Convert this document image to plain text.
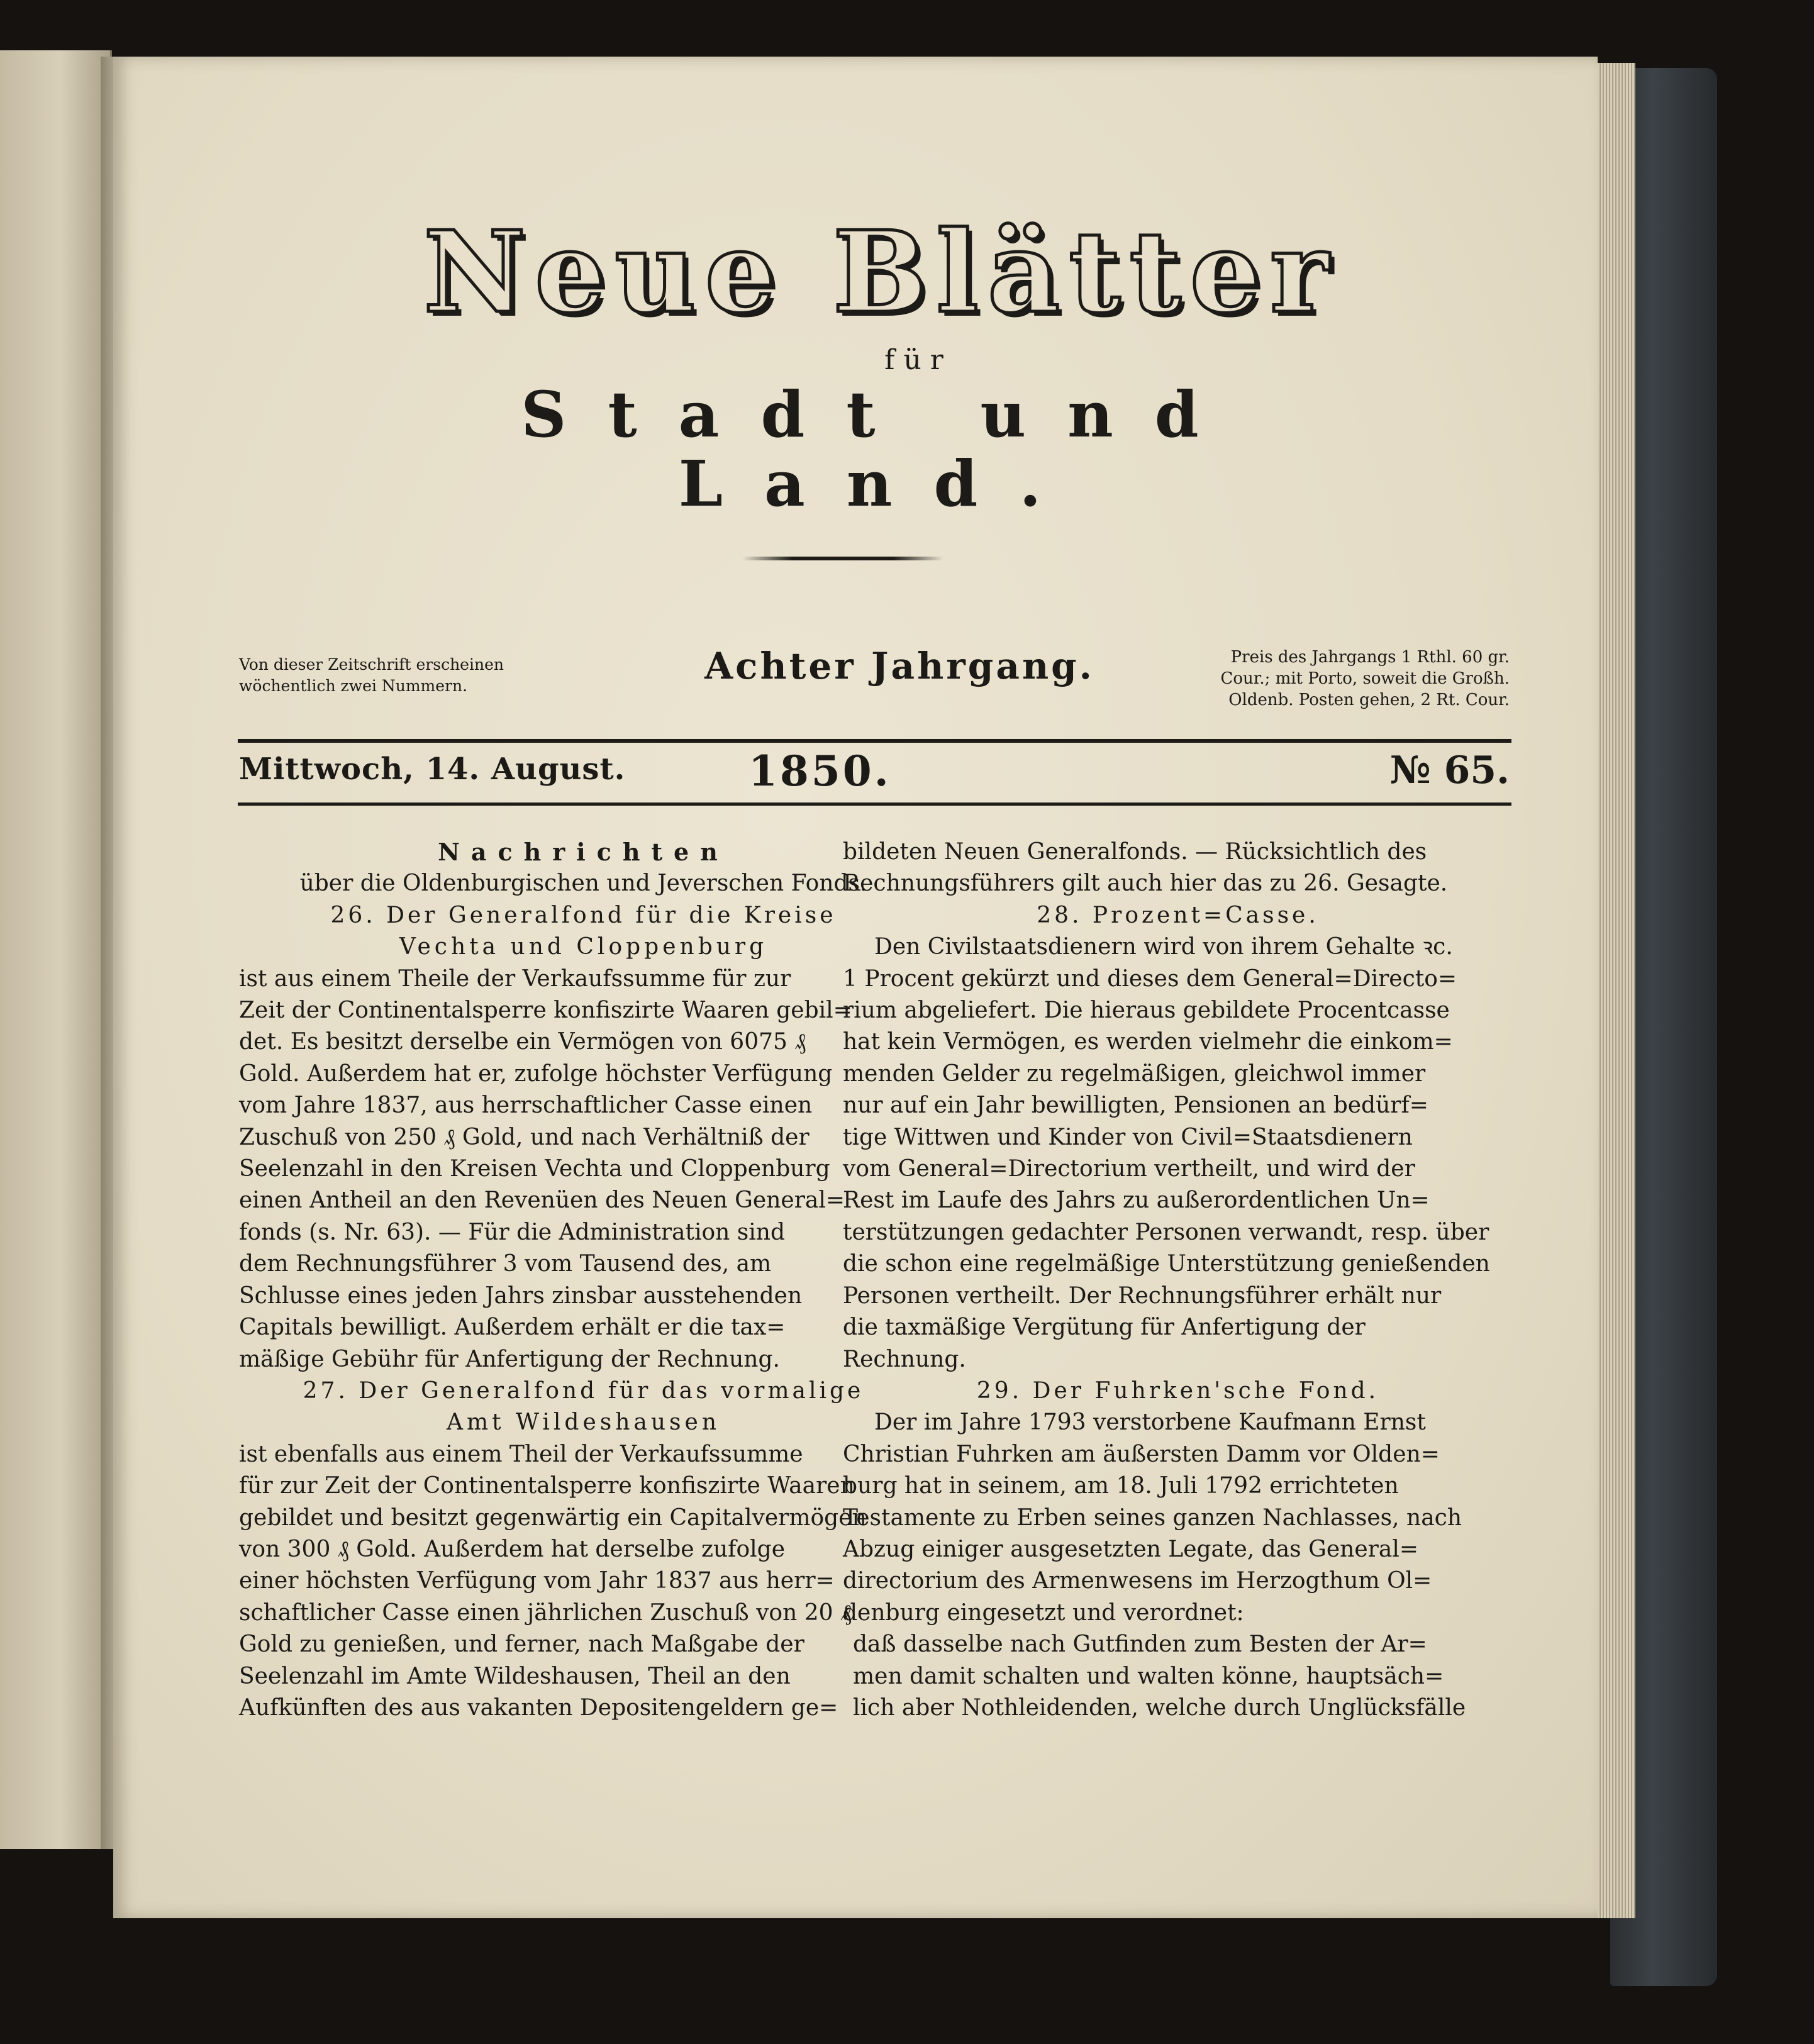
Neue Blätter
für
Stadt und Land.
Von dieser Zeitschrift erscheinen
wöchentlich zwei Nummern.	Achter Jahrgang.	Preis des Jahrgangs 1 Rthl. 60 gr.
Cour.; mit Porto, soweit die Großh.
Oldenb. Posten gehen, 2 Rt. Cour.
Mittwoch, 14. August.	1850.	№ 65.

Nachrichten

über die Oldenburgischen und Jeverschen Fonds.

26. Der Generalfond für die Kreise

Vechta und Cloppenburg

ist aus einem Theile der Verkaufssumme für zur

Zeit der Continentalsperre konfiszirte Waaren gebil=

det. Es besitzt derselbe ein Vermögen von 6075 ₰

Gold. Außerdem hat er, zufolge höchster Verfügung

vom Jahre 1837, aus herrschaftlicher Casse einen

Zuschuß von 250 ₰ Gold, und nach Verhältniß der

Seelenzahl in den Kreisen Vechta und Cloppenburg

einen Antheil an den Revenüen des Neuen General=

fonds (s. Nr. 63). — Für die Administration sind

dem Rechnungsführer 3 vom Tausend des, am

Schlusse eines jeden Jahrs zinsbar ausstehenden

Capitals bewilligt. Außerdem erhält er die tax=

mäßige Gebühr für Anfertigung der Rechnung.

27. Der Generalfond für das vormalige

Amt Wildeshausen

ist ebenfalls aus einem Theil der Verkaufssumme

für zur Zeit der Continentalsperre konfiszirte Waaren

gebildet und besitzt gegenwärtig ein Capitalvermögen

von 300 ₰ Gold. Außerdem hat derselbe zufolge

einer höchsten Verfügung vom Jahr 1837 aus herr=

schaftlicher Casse einen jährlichen Zuschuß von 20 ₰

Gold zu genießen, und ferner, nach Maßgabe der

Seelenzahl im Amte Wildeshausen, Theil an den

Aufkünften des aus vakanten Depositengeldern ge=

bildeten Neuen Generalfonds. — Rücksichtlich des

Rechnungsführers gilt auch hier das zu 26. Gesagte.

28. Prozent=Casse.

Den Civilstaatsdienern wird von ihrem Gehalte ꝛc.

1 Procent gekürzt und dieses dem General=Directo=

rium abgeliefert. Die hieraus gebildete Procentcasse

hat kein Vermögen, es werden vielmehr die einkom=

menden Gelder zu regelmäßigen, gleichwol immer

nur auf ein Jahr bewilligten, Pensionen an bedürf=

tige Wittwen und Kinder von Civil=Staatsdienern

vom General=Directorium vertheilt, und wird der

Rest im Laufe des Jahrs zu außerordentlichen Un=

terstützungen gedachter Personen verwandt, resp. über

die schon eine regelmäßige Unterstützung genießenden

Personen vertheilt. Der Rechnungsführer erhält nur

die taxmäßige Vergütung für Anfertigung der

Rechnung.

29. Der Fuhrken'sche Fond.

Der im Jahre 1793 verstorbene Kaufmann Ernst

Christian Fuhrken am äußersten Damm vor Olden=

burg hat in seinem, am 18. Juli 1792 errichteten

Testamente zu Erben seines ganzen Nachlasses, nach

Abzug einiger ausgesetzten Legate, das General=

directorium des Armenwesens im Herzogthum Ol=

denburg eingesetzt und verordnet:

daß dasselbe nach Gutfinden zum Besten der Ar=

men damit schalten und walten könne, hauptsäch=

lich aber Nothleidenden, welche durch Unglücksfälle
